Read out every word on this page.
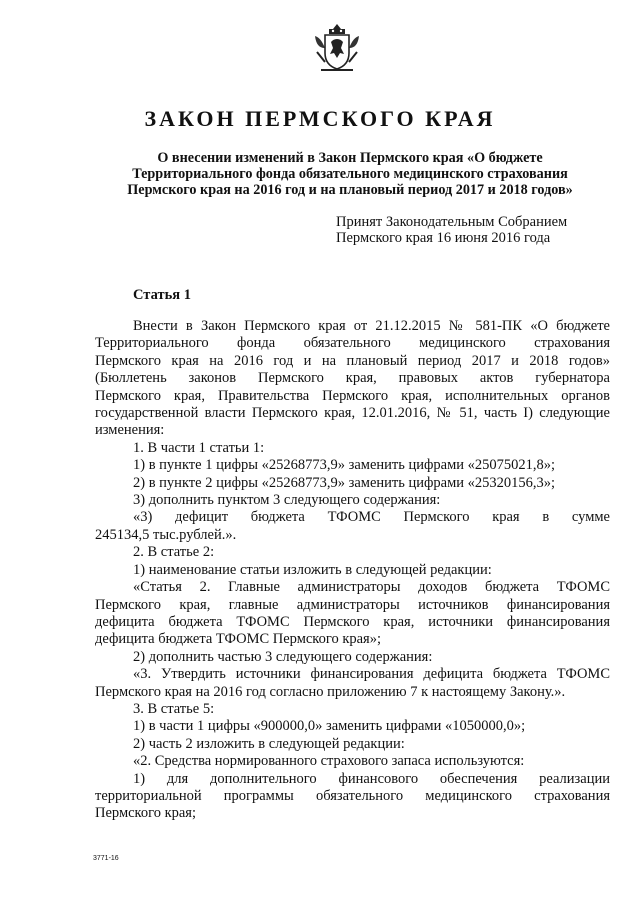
ЗАКОН ПЕРМСКОГО КРАЯ
О внесении изменений в Закон Пермского края «О бюджете
Территориального фонда обязательного медицинского страхования
Пермского края на 2016 год и на плановый период 2017 и 2018 годов»
Принят Законодательным Собранием
Пермского края 16 июня 2016 года
Статья 1

Внести в Закон Пермского края от 21.12.2015 № 581-ПК «О бюджете

Территориального фонда обязательного медицинского страхования

Пермского края на 2016 год и на плановый период 2017 и 2018 годов»

(Бюллетень законов Пермского края, правовых актов губернатора

Пермского края, Правительства Пермского края, исполнительных органов

государственной власти Пермского края, 12.01.2016, № 51, часть I) следующие

изменения:

1. В части 1 статьи 1:

1) в пункте 1 цифры «25268773,9» заменить цифрами «25075021,8»;

2) в пункте 2 цифры «25268773,9» заменить цифрами «25320156,3»;

3) дополнить пунктом 3 следующего содержания:

«3) дефицит бюджета ТФОМС Пермского края в сумме

245134,5 тыс.рублей.».

2. В статье 2:

1) наименование статьи изложить в следующей редакции:

«Статья 2. Главные администраторы доходов бюджета ТФОМС

Пермского края, главные администраторы источников финансирования

дефицита бюджета ТФОМС Пермского края, источники финансирования

дефицита бюджета ТФОМС Пермского края»;

2) дополнить частью 3 следующего содержания:

«3. Утвердить источники финансирования дефицита бюджета ТФОМС

Пермского края на 2016 год согласно приложению 7 к настоящему Закону.».

3. В статье 5:

1) в части 1 цифры «900000,0» заменить цифрами «1050000,0»;

2) часть 2 изложить в следующей редакции:

«2. Средства нормированного страхового запаса используются:

1) для дополнительного финансового обеспечения реализации

территориальной программы обязательного медицинского страхования

Пермского края;

3771-16
